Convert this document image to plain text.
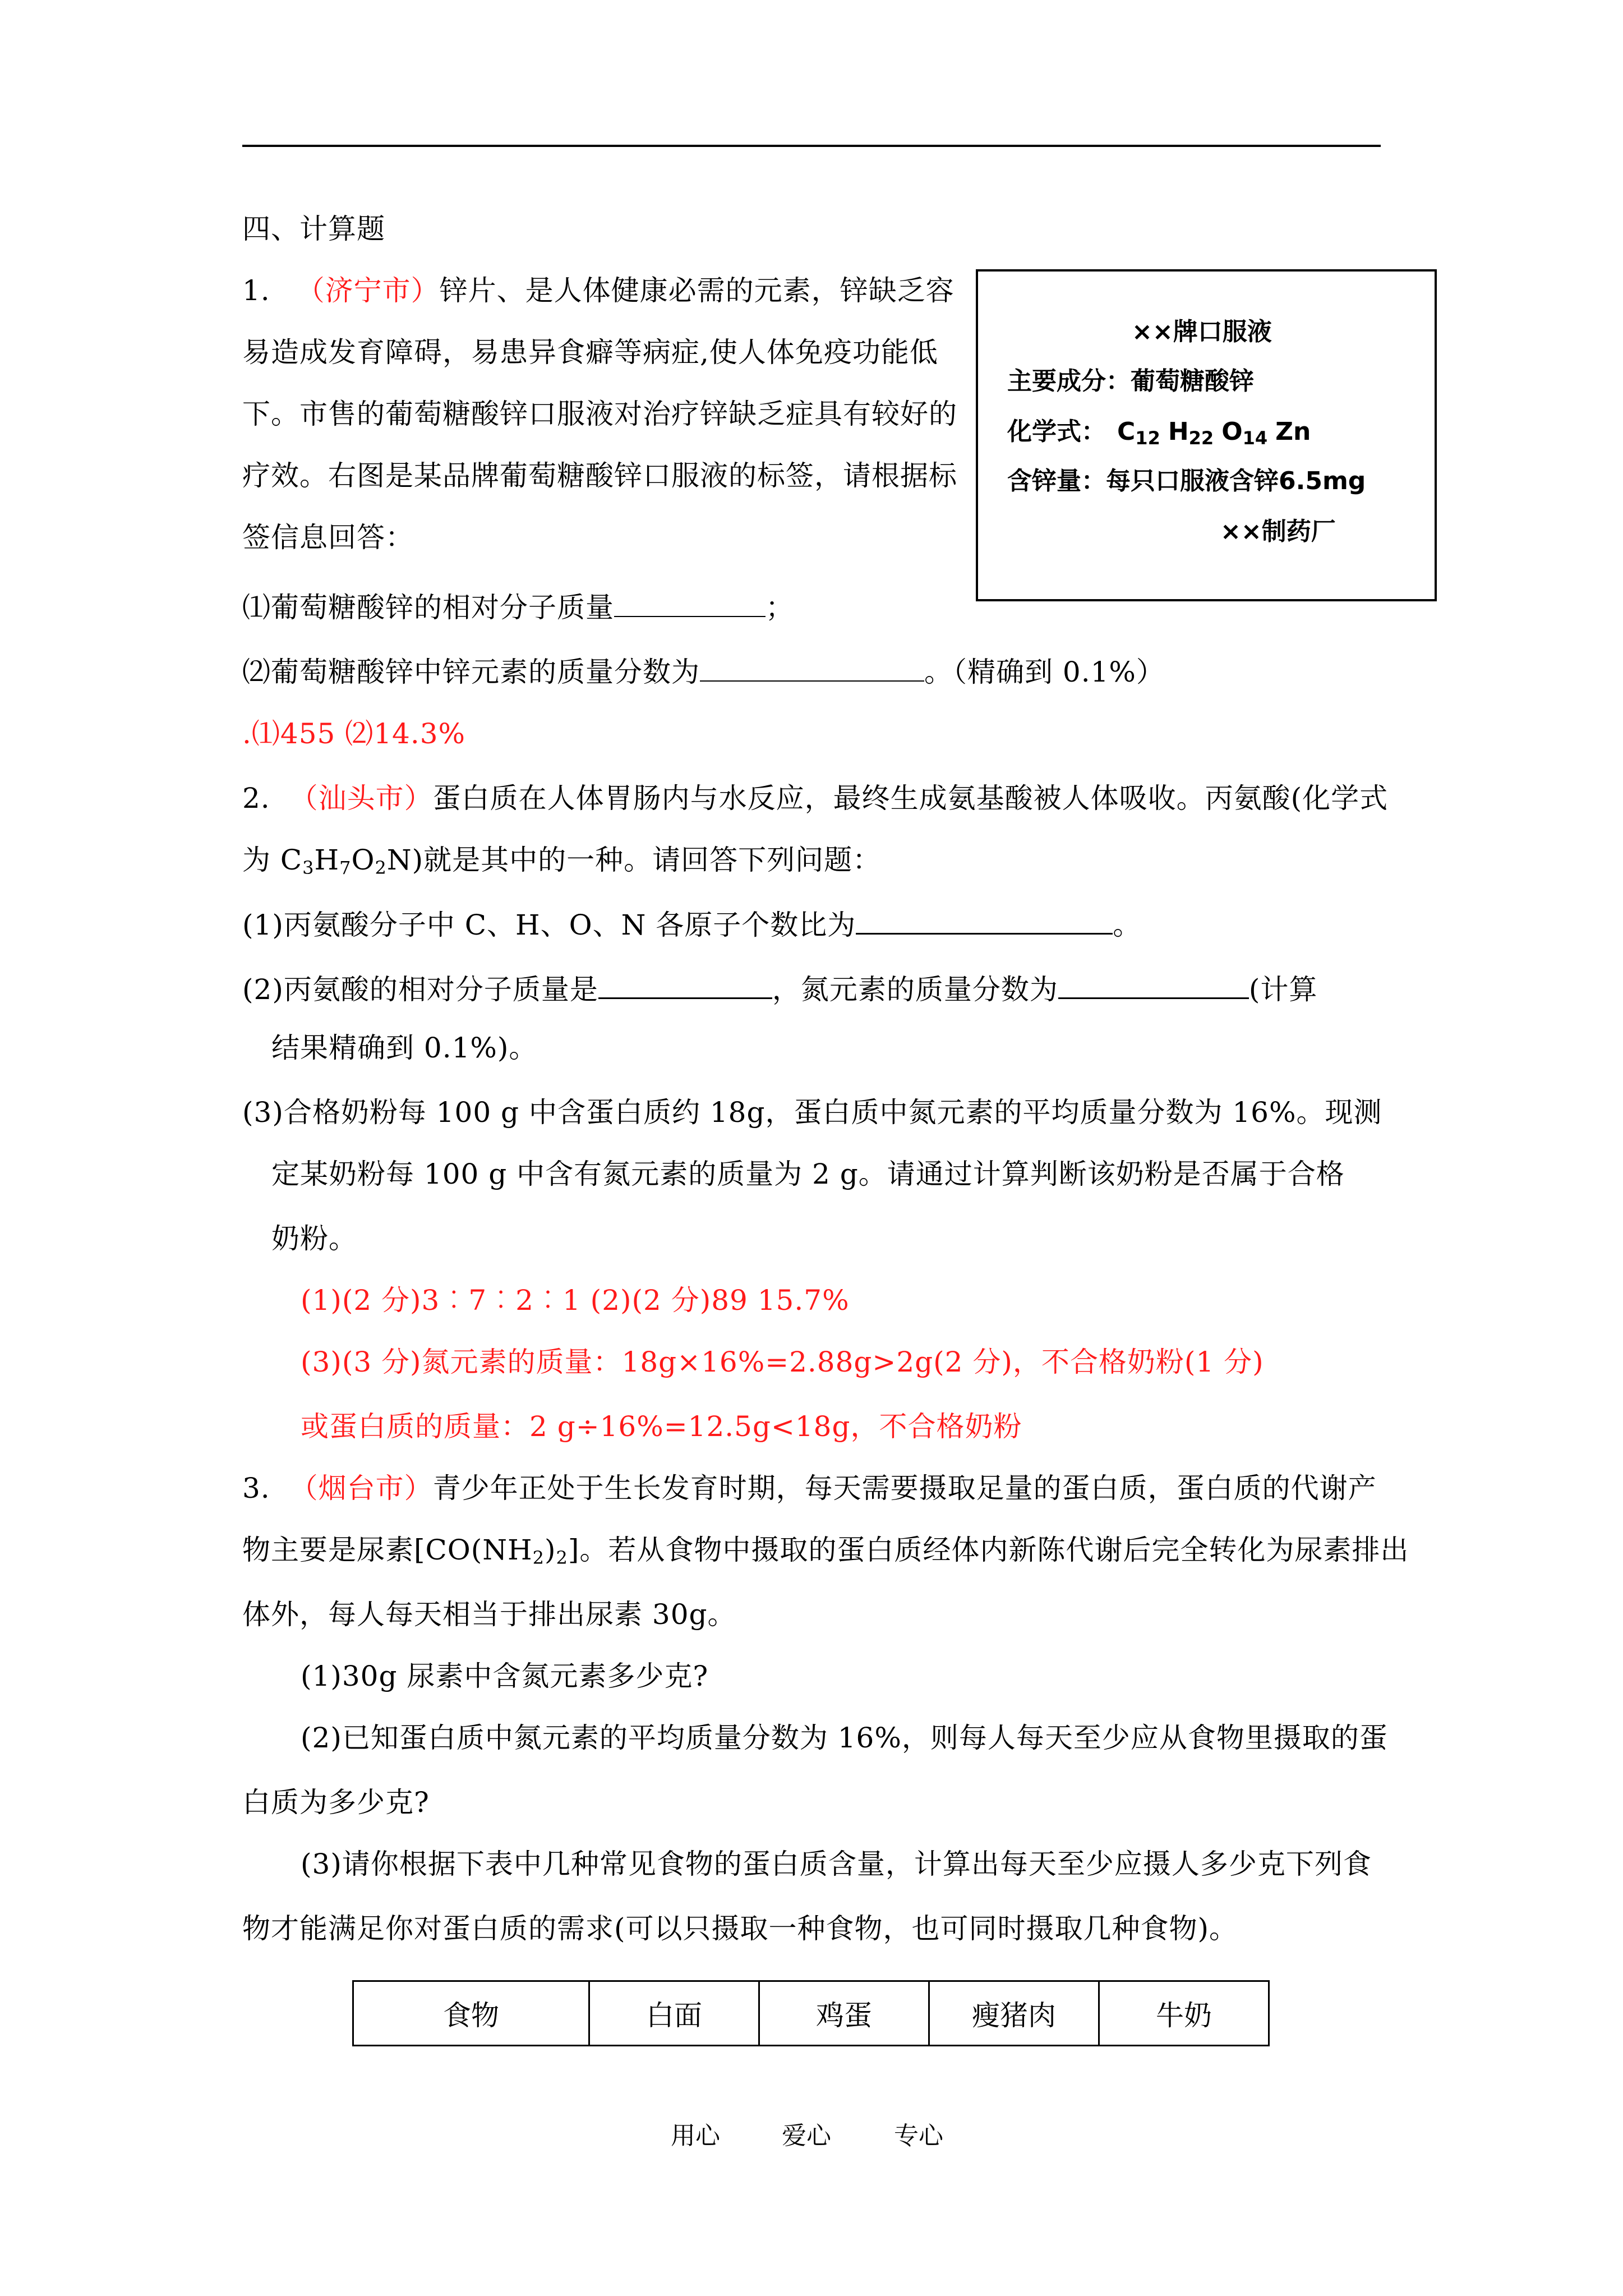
四、计算题
1. （济宁市）锌片、是人体健康必需的元素，锌缺乏容
易造成发育障碍，易患异食癖等病症,使人体免疫功能低
下。市售的葡萄糖酸锌口服液对治疗锌缺乏症具有较好的
疗效。右图是某品牌葡萄糖酸锌口服液的标签，请根据标
签信息回答：
⑴葡萄糖酸锌的相对分子质量	；
⑵葡萄糖酸锌中锌元素的质量分数为	。（精确到 0.1%）
.⑴455 ⑵14.3%
××牌口服液
主要成分：葡萄糖酸锌
化学式： $C_{12}$ $H_{22}$ $O_{14}$ Zn
含锌量：每只口服液含锌6.5mg
××制药厂
2. （汕头市）蛋白质在人体胃肠内与水反应，最终生成氨基酸被人体吸收。丙氨酸(化学式
为 $C_3H_7O_2N$)就是其中的一种。请回答下列问题：
(1)丙氨酸分子中 C、H、O、N 各原子个数比为	。
(2)丙氨酸的相对分子质量是	，氮元素的质量分数为	(计算
结果精确到 0.1%)。
(3)合格奶粉每 100 g 中含蛋白质约 18g，蛋白质中氮元素的平均质量分数为 16%。现测
定某奶粉每 100 g 中含有氮元素的质量为 2 g。请通过计算判断该奶粉是否属于合格
奶粉。
(1)(2 分)3︰7︰2︰1 (2)(2 分)89 15.7%
(3)(3 分)氮元素的质量：18g×16%=2.88g>2g(2 分)，不合格奶粉(1 分)
或蛋白质的质量：2 g÷16%=12.5g<18g，不合格奶粉
3. （烟台市）青少年正处于生长发育时期，每天需要摄取足量的蛋白质，蛋白质的代谢产
物主要是尿素$[CO(NH_2)_2]$。若从食物中摄取的蛋白质经体内新陈代谢后完全转化为尿素排出
体外，每人每天相当于排出尿素 30g。
(1)30g 尿素中含氮元素多少克?
(2)已知蛋白质中氮元素的平均质量分数为 16%，则每人每天至少应从食物里摄取的蛋
白质为多少克?
(3)请你根据下表中几种常见食物的蛋白质含量，计算出每天至少应摄人多少克下列食
物才能满足你对蛋白质的需求(可以只摄取一种食物，也可同时摄取几种食物)。
食物	白面	鸡蛋	瘦猪肉	牛奶
用心	爱心	专心
